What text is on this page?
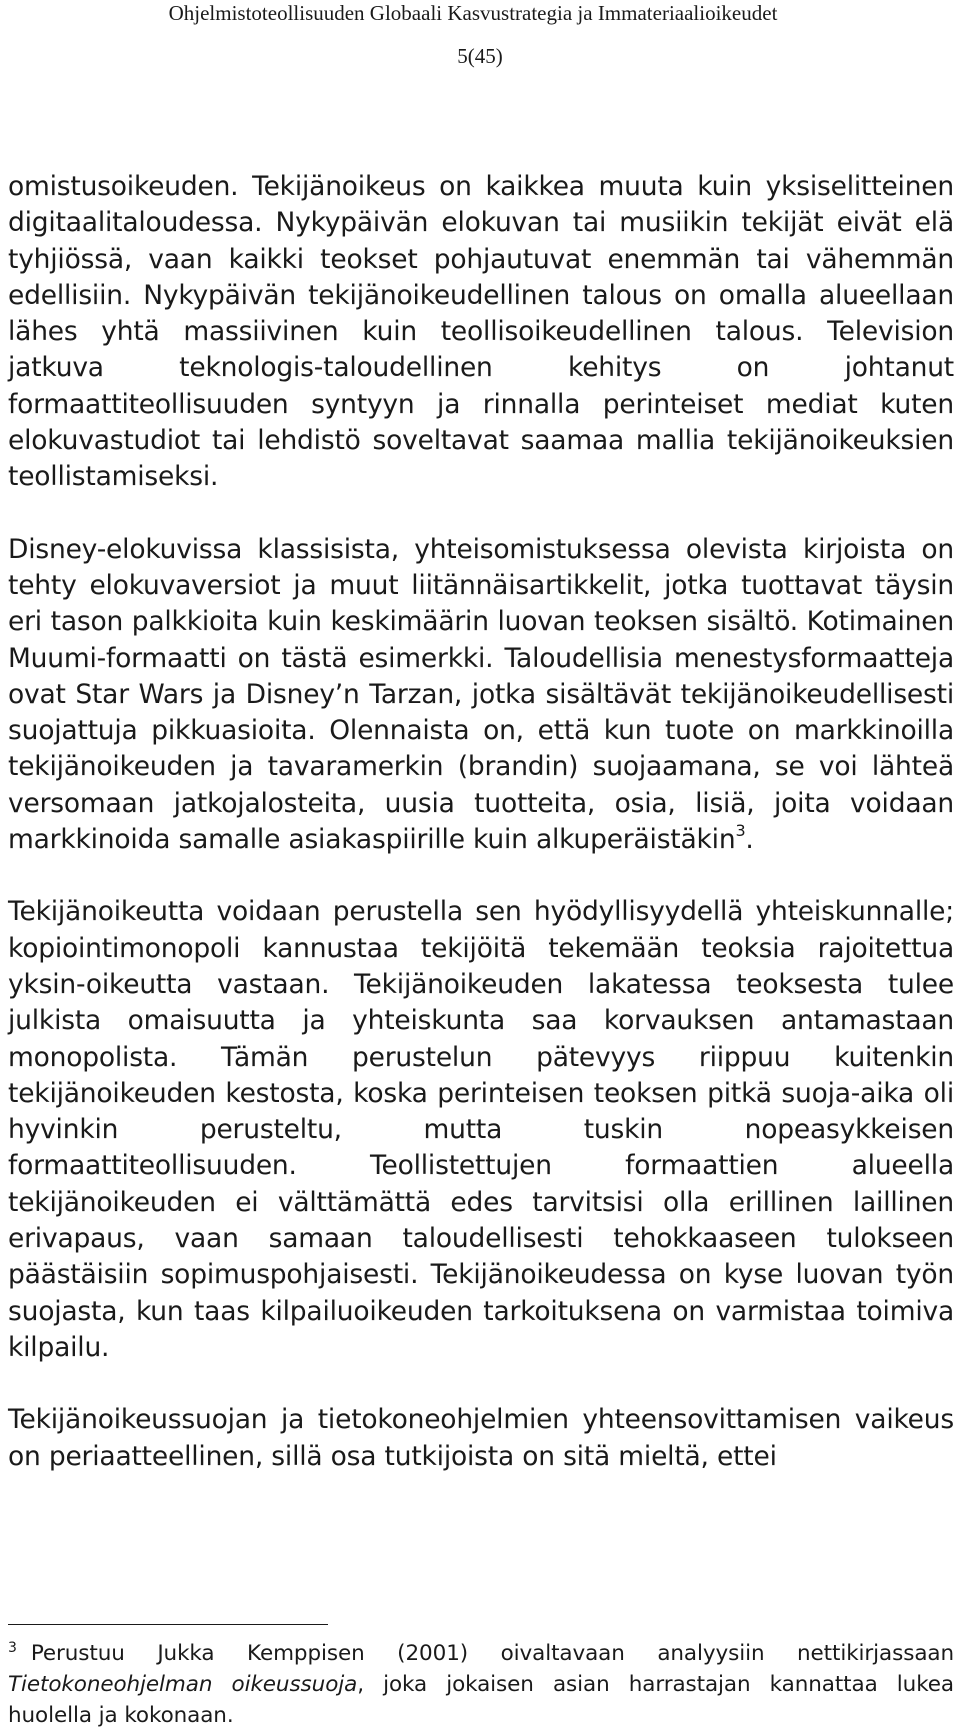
Ohjelmistoteollisuuden Globaali Kasvustrategia ja Immateriaalioikeudet
5(45)

omistusoikeuden. Tekijänoikeus on kaikkea muuta kuin yksiselitteinen digitaalitaloudessa. Nykypäivän elokuvan tai musiikin tekijät eivät elä tyhjiössä, vaan kaikki teokset pohjautuvat enemmän tai vähemmän edellisiin. Nykypäivän tekijänoikeudellinen talous on omalla alueellaan lähes yhtä massiivinen kuin teollisoikeudellinen talous. Television jatkuva teknologis-taloudellinen kehitys on johtanut formaattiteollisuuden syntyyn ja rinnalla perinteiset mediat kuten elokuvastudiot tai lehdistö soveltavat saamaa mallia tekijänoikeuksien teollistamiseksi.

Disney-elokuvissa klassisista, yhteisomistuksessa olevista kirjoista on tehty elokuvaversiot ja muut liitännäisartikkelit, jotka tuottavat täysin eri tason palkkioita kuin keskimäärin luovan teoksen sisältö. Kotimainen Muumi-formaatti on tästä esimerkki. Taloudellisia menestysformaatteja ovat Star Wars ja Disney’n Tarzan, jotka sisältävät tekijänoikeudellisesti suojattuja pikkuasioita. Olennaista on, että kun tuote on markkinoilla tekijänoikeuden ja tavaramerkin (brandin) suojaamana, se voi lähteä versomaan jatkojalosteita, uusia tuotteita, osia, lisiä, joita voidaan markkinoida samalle asiakaspiirille kuin alkuperäistäkin$^3$.

Tekijänoikeutta voidaan perustella sen hyödyllisyydellä yhteiskunnalle; kopiointimonopoli kannustaa tekijöitä tekemään teoksia rajoitettua yksin-oikeutta vastaan. Tekijänoikeuden lakatessa teoksesta tulee julkista omaisuutta ja yhteiskunta saa korvauksen antamastaan monopolista. Tämän perustelun pätevyys riippuu kuitenkin tekijänoikeuden kestosta, koska perinteisen teoksen pitkä suoja-aika oli hyvinkin perusteltu, mutta tuskin nopeasykkeisen formaattiteollisuuden. Teollistettujen formaattien alueella tekijänoikeuden ei välttämättä edes tarvitsisi olla erillinen laillinen erivapaus, vaan samaan taloudellisesti tehokkaaseen tulokseen päästäisiin sopimuspohjaisesti. Tekijänoikeudessa on kyse luovan työn suojasta, kun taas kilpailuoikeuden tarkoituksena on varmistaa toimiva kilpailu.

Tekijänoikeussuojan ja tietokoneohjelmien yhteensovittamisen vaikeus on periaatteellinen, sillä osa tutkijoista on sitä mieltä, ettei

$^3$ Perustuu Jukka Kemppisen (2001) oivaltavaan analyysiin nettikirjassaan Tietokoneohjelman oikeussuoja, joka jokaisen asian harrastajan kannattaa lukea huolella ja kokonaan.
